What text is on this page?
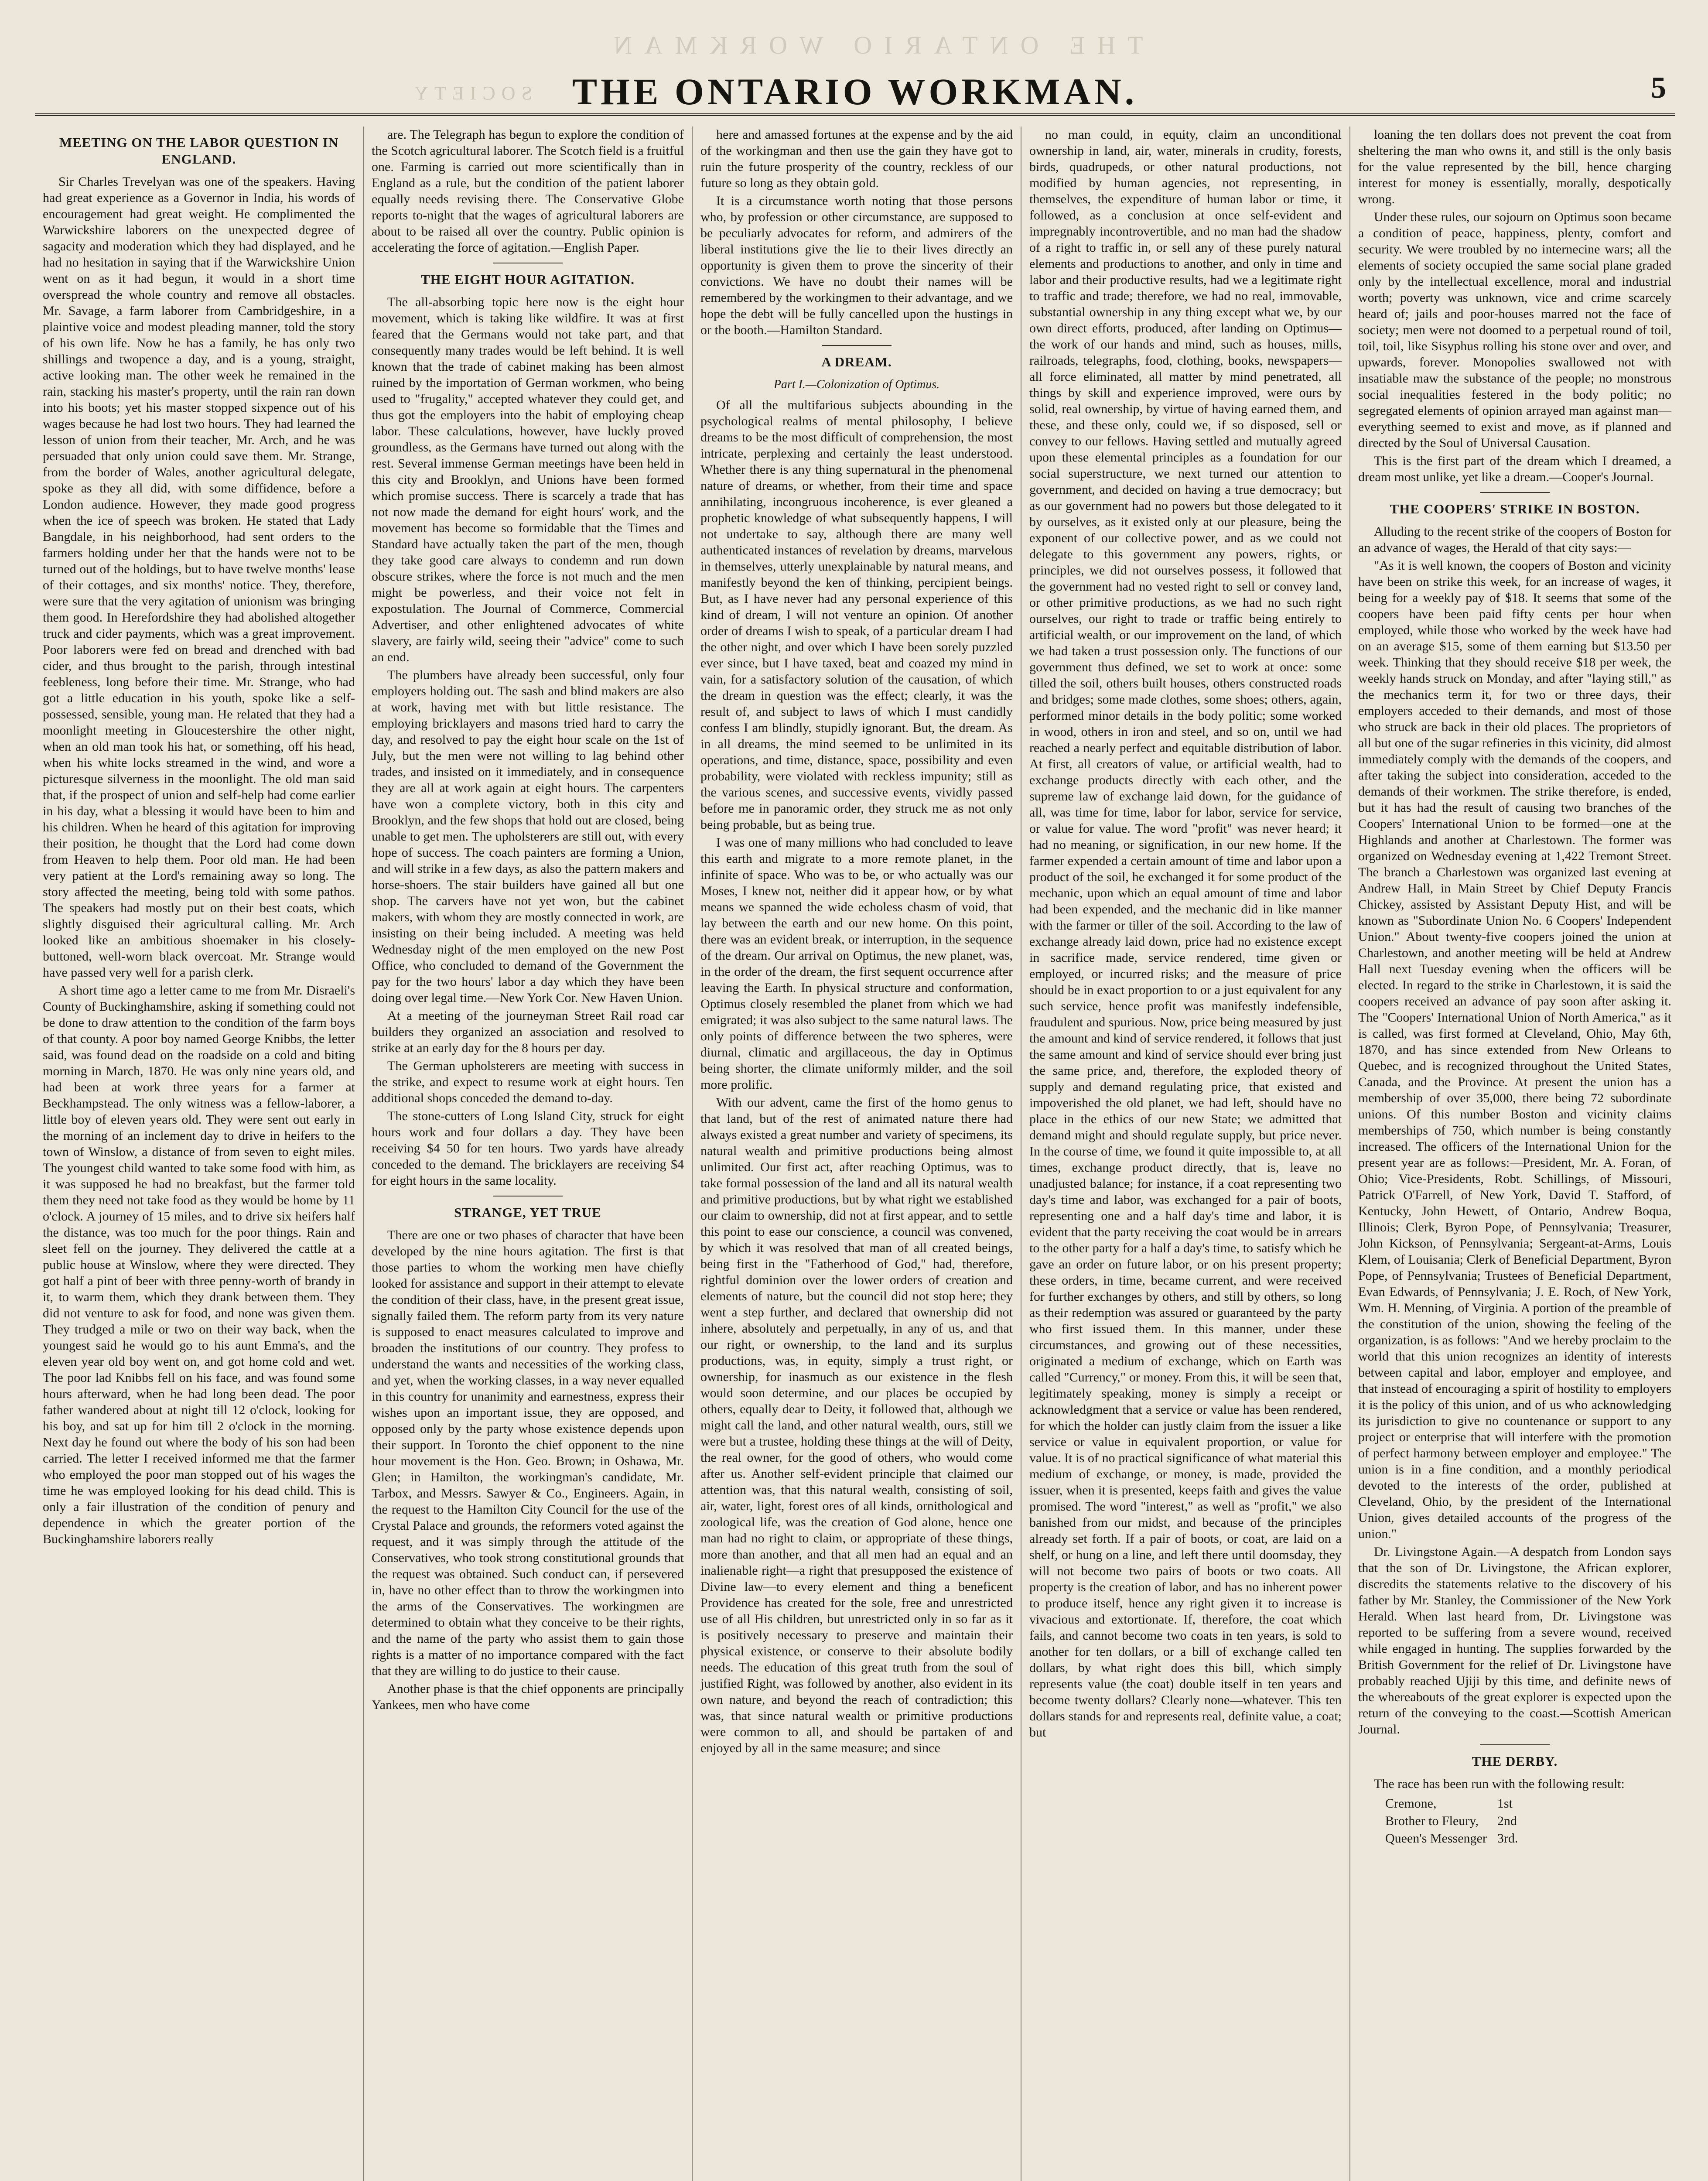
THE ONTARIO WORKMAN
SOCIETY	THE ONTARIO WORKMAN.	5
MEETING ON THE LABOR QUESTION IN ENGLAND.

Sir Charles Trevelyan was one of the speakers. Having had great experience as a Governor in India, his words of encouragement had great weight. He complimented the Warwickshire laborers on the unexpected degree of sagacity and moderation which they had displayed, and he had no hesitation in saying that if the Warwickshire Union went on as it had begun, it would in a short time overspread the whole country and remove all obstacles. Mr. Savage, a farm laborer from Cambridgeshire, in a plaintive voice and modest pleading manner, told the story of his own life. Now he has a family, he has only two shillings and twopence a day, and is a young, straight, active looking man. The other week he remained in the rain, stacking his master's property, until the rain ran down into his boots; yet his master stopped sixpence out of his wages because he had lost two hours. They had learned the lesson of union from their teacher, Mr. Arch, and he was persuaded that only union could save them. Mr. Strange, from the border of Wales, another agricultural delegate, spoke as they all did, with some diffidence, before a London audience. However, they made good progress when the ice of speech was broken. He stated that Lady Bangdale, in his neighborhood, had sent orders to the farmers holding under her that the hands were not to be turned out of the holdings, but to have twelve months' lease of their cottages, and six months' notice. They, therefore, were sure that the very agitation of unionism was bringing them good. In Herefordshire they had abolished altogether truck and cider payments, which was a great improvement. Poor laborers were fed on bread and drenched with bad cider, and thus brought to the parish, through intestinal feebleness, long before their time. Mr. Strange, who had got a little education in his youth, spoke like a self-possessed, sensible, young man. He related that they had a moonlight meeting in Gloucestershire the other night, when an old man took his hat, or something, off his head, when his white locks streamed in the wind, and wore a picturesque silverness in the moonlight. The old man said that, if the prospect of union and self-help had come earlier in his day, what a blessing it would have been to him and his children. When he heard of this agitation for improving their position, he thought that the Lord had come down from Heaven to help them. Poor old man. He had been very patient at the Lord's remaining away so long. The story affected the meeting, being told with some pathos. The speakers had mostly put on their best coats, which slightly disguised their agricultural calling. Mr. Arch looked like an ambitious shoemaker in his closely-buttoned, well-worn black overcoat. Mr. Strange would have passed very well for a parish clerk.

A short time ago a letter came to me from Mr. Disraeli's County of Buckinghamshire, asking if something could not be done to draw attention to the condition of the farm boys of that county. A poor boy named George Knibbs, the letter said, was found dead on the roadside on a cold and biting morning in March, 1870. He was only nine years old, and had been at work three years for a farmer at Beckhampstead. The only witness was a fellow-laborer, a little boy of eleven years old. They were sent out early in the morning of an inclement day to drive in heifers to the town of Winslow, a distance of from seven to eight miles. The youngest child wanted to take some food with him, as it was supposed he had no breakfast, but the farmer told them they need not take food as they would be home by 11 o'clock. A journey of 15 miles, and to drive six heifers half the distance, was too much for the poor things. Rain and sleet fell on the journey. They delivered the cattle at a public house at Winslow, where they were directed. They got half a pint of beer with three penny-worth of brandy in it, to warm them, which they drank between them. They did not venture to ask for food, and none was given them. They trudged a mile or two on their way back, when the youngest said he would go to his aunt Emma's, and the eleven year old boy went on, and got home cold and wet. The poor lad Knibbs fell on his face, and was found some hours afterward, when he had long been dead. The poor father wandered about at night till 12 o'clock, looking for his boy, and sat up for him till 2 o'clock in the morning. Next day he found out where the body of his son had been carried. The letter I received informed me that the farmer who employed the poor man stopped out of his wages the time he was employed looking for his dead child. This is only a fair illustration of the condition of penury and dependence in which the greater portion of the Buckinghamshire laborers really

are. The Telegraph has begun to explore the condition of the Scotch agricultural laborer. The Scotch field is a fruitful one. Farming is carried out more scientifically than in England as a rule, but the condition of the patient laborer equally needs revising there. The Conservative Globe reports to-night that the wages of agricultural laborers are about to be raised all over the country. Public opinion is accelerating the force of agitation.—English Paper.

THE EIGHT HOUR AGITATION.

The all-absorbing topic here now is the eight hour movement, which is taking like wildfire. It was at first feared that the Germans would not take part, and that consequently many trades would be left behind. It is well known that the trade of cabinet making has been almost ruined by the importation of German workmen, who being used to "frugality," accepted whatever they could get, and thus got the employers into the habit of employing cheap labor. These calculations, however, have luckly proved groundless, as the Germans have turned out along with the rest. Several immense German meetings have been held in this city and Brooklyn, and Unions have been formed which promise success. There is scarcely a trade that has not now made the demand for eight hours' work, and the movement has become so formidable that the Times and Standard have actually taken the part of the men, though they take good care always to condemn and run down obscure strikes, where the force is not much and the men might be powerless, and their voice not felt in expostulation. The Journal of Commerce, Commercial Advertiser, and other enlightened advocates of white slavery, are fairly wild, seeing their "advice" come to such an end.

The plumbers have already been successful, only four employers holding out. The sash and blind makers are also at work, having met with but little resistance. The employing bricklayers and masons tried hard to carry the day, and resolved to pay the eight hour scale on the 1st of July, but the men were not willing to lag behind other trades, and insisted on it immediately, and in consequence they are all at work again at eight hours. The carpenters have won a complete victory, both in this city and Brooklyn, and the few shops that hold out are closed, being unable to get men. The upholsterers are still out, with every hope of success. The coach painters are forming a Union, and will strike in a few days, as also the pattern makers and horse-shoers. The stair builders have gained all but one shop. The carvers have not yet won, but the cabinet makers, with whom they are mostly connected in work, are insisting on their being included. A meeting was held Wednesday night of the men employed on the new Post Office, who concluded to demand of the Government the pay for the two hours' labor a day which they have been doing over legal time.—New York Cor. New Haven Union.

At a meeting of the journeyman Street Rail road car builders they organized an association and resolved to strike at an early day for the 8 hours per day.

The German upholsterers are meeting with success in the strike, and expect to resume work at eight hours. Ten additional shops conceded the demand to-day.

The stone-cutters of Long Island City, struck for eight hours work and four dollars a day. They have been receiving $4 50 for ten hours. Two yards have already conceded to the demand. The bricklayers are receiving $4 for eight hours in the same locality.

STRANGE, YET TRUE

There are one or two phases of character that have been developed by the nine hours agitation. The first is that those parties to whom the working men have chiefly looked for assistance and support in their attempt to elevate the condition of their class, have, in the present great issue, signally failed them. The reform party from its very nature is supposed to enact measures calculated to improve and broaden the institutions of our country. They profess to understand the wants and necessities of the working class, and yet, when the working classes, in a way never equalled in this country for unanimity and earnestness, express their wishes upon an important issue, they are opposed, and opposed only by the party whose existence depends upon their support. In Toronto the chief opponent to the nine hour movement is the Hon. Geo. Brown; in Oshawa, Mr. Glen; in Hamilton, the workingman's candidate, Mr. Tarbox, and Messrs. Sawyer & Co., Engineers. Again, in the request to the Hamilton City Council for the use of the Crystal Palace and grounds, the reformers voted against the request, and it was simply through the attitude of the Conservatives, who took strong constitutional grounds that the request was obtained. Such conduct can, if persevered in, have no other effect than to throw the workingmen into the arms of the Conservatives. The workingmen are determined to obtain what they conceive to be their rights, and the name of the party who assist them to gain those rights is a matter of no importance compared with the fact that they are willing to do justice to their cause.

Another phase is that the chief opponents are principally Yankees, men who have come

here and amassed fortunes at the expense and by the aid of the workingman and then use the gain they have got to ruin the future prosperity of the country, reckless of our future so long as they obtain gold.

It is a circumstance worth noting that those persons who, by profession or other circumstance, are supposed to be peculiarly advocates for reform, and admirers of the liberal institutions give the lie to their lives directly an opportunity is given them to prove the sincerity of their convictions. We have no doubt their names will be remembered by the workingmen to their advantage, and we hope the debt will be fully cancelled upon the hustings in or the booth.—Hamilton Standard.

A DREAM.
Part I.—Colonization of Optimus.

Of all the multifarious subjects abounding in the psychological realms of mental philosophy, I believe dreams to be the most difficult of comprehension, the most intricate, perplexing and certainly the least understood. Whether there is any thing supernatural in the phenomenal nature of dreams, or whether, from their time and space annihilating, incongruous incoherence, is ever gleaned a prophetic knowledge of what subsequently happens, I will not undertake to say, although there are many well authenticated instances of revelation by dreams, marvelous in themselves, utterly unexplainable by natural means, and manifestly beyond the ken of thinking, percipient beings. But, as I have never had any personal experience of this kind of dream, I will not venture an opinion. Of another order of dreams I wish to speak, of a particular dream I had the other night, and over which I have been sorely puzzled ever since, but I have taxed, beat and coazed my mind in vain, for a satisfactory solution of the causation, of which the dream in question was the effect; clearly, it was the result of, and subject to laws of which I must candidly confess I am blindly, stupidly ignorant. But, the dream. As in all dreams, the mind seemed to be unlimited in its operations, and time, distance, space, possibility and even probability, were violated with reckless impunity; still as the various scenes, and successive events, vividly passed before me in panoramic order, they struck me as not only being probable, but as being true.

I was one of many millions who had concluded to leave this earth and migrate to a more remote planet, in the infinite of space. Who was to be, or who actually was our Moses, I knew not, neither did it appear how, or by what means we spanned the wide echoless chasm of void, that lay between the earth and our new home. On this point, there was an evident break, or interruption, in the sequence of the dream. Our arrival on Optimus, the new planet, was, in the order of the dream, the first sequent occurrence after leaving the Earth. In physical structure and conformation, Optimus closely resembled the planet from which we had emigrated; it was also subject to the same natural laws. The only points of difference between the two spheres, were diurnal, climatic and argillaceous, the day in Optimus being shorter, the climate uniformly milder, and the soil more prolific.

With our advent, came the first of the homo genus to that land, but of the rest of animated nature there had always existed a great number and variety of specimens, its natural wealth and primitive productions being almost unlimited. Our first act, after reaching Optimus, was to take formal possession of the land and all its natural wealth and primitive productions, but by what right we established our claim to ownership, did not at first appear, and to settle this point to ease our conscience, a council was convened, by which it was resolved that man of all created beings, being first in the "Fatherhood of God," had, therefore, rightful dominion over the lower orders of creation and elements of nature, but the council did not stop here; they went a step further, and declared that ownership did not inhere, absolutely and perpetually, in any of us, and that our right, or ownership, to the land and its surplus productions, was, in equity, simply a trust right, or ownership, for inasmuch as our existence in the flesh would soon determine, and our places be occupied by others, equally dear to Deity, it followed that, although we might call the land, and other natural wealth, ours, still we were but a trustee, holding these things at the will of Deity, the real owner, for the good of others, who would come after us. Another self-evident principle that claimed our attention was, that this natural wealth, consisting of soil, air, water, light, forest ores of all kinds, ornithological and zoological life, was the creation of God alone, hence one man had no right to claim, or appropriate of these things, more than another, and that all men had an equal and an inalienable right—a right that presupposed the existence of Divine law—to every element and thing a beneficent Providence has created for the sole, free and unrestricted use of all His children, but unrestricted only in so far as it is positively necessary to preserve and maintain their physical existence, or conserve to their absolute bodily needs. The education of this great truth from the soul of justified Right, was followed by another, also evident in its own nature, and beyond the reach of contradiction; this was, that since natural wealth or primitive productions were common to all, and should be partaken of and enjoyed by all in the same measure; and since

no man could, in equity, claim an unconditional ownership in land, air, water, minerals in crudity, forests, birds, quadrupeds, or other natural productions, not modified by human agencies, not representing, in themselves, the expenditure of human labor or time, it followed, as a conclusion at once self-evident and impregnably incontrovertible, and no man had the shadow of a right to traffic in, or sell any of these purely natural elements and productions to another, and only in time and labor and their productive results, had we a legitimate right to traffic and trade; therefore, we had no real, immovable, substantial ownership in any thing except what we, by our own direct efforts, produced, after landing on Optimus—the work of our hands and mind, such as houses, mills, railroads, telegraphs, food, clothing, books, newspapers—all force eliminated, all matter by mind penetrated, all things by skill and experience improved, were ours by solid, real ownership, by virtue of having earned them, and these, and these only, could we, if so disposed, sell or convey to our fellows. Having settled and mutually agreed upon these elemental principles as a foundation for our social superstructure, we next turned our attention to government, and decided on having a true democracy; but as our government had no powers but those delegated to it by ourselves, as it existed only at our pleasure, being the exponent of our collective power, and as we could not delegate to this government any powers, rights, or principles, we did not ourselves possess, it followed that the government had no vested right to sell or convey land, or other primitive productions, as we had no such right ourselves, our right to trade or traffic being entirely to artificial wealth, or our improvement on the land, of which we had taken a trust possession only. The functions of our government thus defined, we set to work at once: some tilled the soil, others built houses, others constructed roads and bridges; some made clothes, some shoes; others, again, performed minor details in the body politic; some worked in wood, others in iron and steel, and so on, until we had reached a nearly perfect and equitable distribution of labor. At first, all creators of value, or artificial wealth, had to exchange products directly with each other, and the supreme law of exchange laid down, for the guidance of all, was time for time, labor for labor, service for service, or value for value. The word "profit" was never heard; it had no meaning, or signification, in our new home. If the farmer expended a certain amount of time and labor upon a product of the soil, he exchanged it for some product of the mechanic, upon which an equal amount of time and labor had been expended, and the mechanic did in like manner with the farmer or tiller of the soil. According to the law of exchange already laid down, price had no existence except in sacrifice made, service rendered, time given or employed, or incurred risks; and the measure of price should be in exact proportion to or a just equivalent for any such service, hence profit was manifestly indefensible, fraudulent and spurious. Now, price being measured by just the amount and kind of service rendered, it follows that just the same amount and kind of service should ever bring just the same price, and, therefore, the exploded theory of supply and demand regulating price, that existed and impoverished the old planet, we had left, should have no place in the ethics of our new State; we admitted that demand might and should regulate supply, but price never. In the course of time, we found it quite impossible to, at all times, exchange product directly, that is, leave no unadjusted balance; for instance, if a coat representing two day's time and labor, was exchanged for a pair of boots, representing one and a half day's time and labor, it is evident that the party receiving the coat would be in arrears to the other party for a half a day's time, to satisfy which he gave an order on future labor, or on his present property; these orders, in time, became current, and were received for further exchanges by others, and still by others, so long as their redemption was assured or guaranteed by the party who first issued them. In this manner, under these circumstances, and growing out of these necessities, originated a medium of exchange, which on Earth was called "Currency," or money. From this, it will be seen that, legitimately speaking, money is simply a receipt or acknowledgment that a service or value has been rendered, for which the holder can justly claim from the issuer a like service or value in equivalent proportion, or value for value. It is of no practical significance of what material this medium of exchange, or money, is made, provided the issuer, when it is presented, keeps faith and gives the value promised. The word "interest," as well as "profit," we also banished from our midst, and because of the principles already set forth. If a pair of boots, or coat, are laid on a shelf, or hung on a line, and left there until doomsday, they will not become two pairs of boots or two coats. All property is the creation of labor, and has no inherent power to produce itself, hence any right given it to increase is vivacious and extortionate. If, therefore, the coat which fails, and cannot become two coats in ten years, is sold to another for ten dollars, or a bill of exchange called ten dollars, by what right does this bill, which simply represents value (the coat) double itself in ten years and become twenty dollars? Clearly none—whatever. This ten dollars stands for and represents real, definite value, a coat; but

loaning the ten dollars does not prevent the coat from sheltering the man who owns it, and still is the only basis for the value represented by the bill, hence charging interest for money is essentially, morally, despotically wrong.

Under these rules, our sojourn on Optimus soon became a condition of peace, happiness, plenty, comfort and security. We were troubled by no internecine wars; all the elements of society occupied the same social plane graded only by the intellectual excellence, moral and industrial worth; poverty was unknown, vice and crime scarcely heard of; jails and poor-houses marred not the face of society; men were not doomed to a perpetual round of toil, toil, toil, like Sisyphus rolling his stone over and over, and upwards, forever. Monopolies swallowed not with insatiable maw the substance of the people; no monstrous social inequalities festered in the body politic; no segregated elements of opinion arrayed man against man—everything seemed to exist and move, as if planned and directed by the Soul of Universal Causation.

This is the first part of the dream which I dreamed, a dream most unlike, yet like a dream.—Cooper's Journal.

THE COOPERS' STRIKE IN BOSTON.

Alluding to the recent strike of the coopers of Boston for an advance of wages, the Herald of that city says:—

"As it is well known, the coopers of Boston and vicinity have been on strike this week, for an increase of wages, it being for a weekly pay of $18. It seems that some of the coopers have been paid fifty cents per hour when employed, while those who worked by the week have had on an average $15, some of them earning but $13.50 per week. Thinking that they should receive $18 per week, the weekly hands struck on Monday, and after "laying still," as the mechanics term it, for two or three days, their employers acceded to their demands, and most of those who struck are back in their old places. The proprietors of all but one of the sugar refineries in this vicinity, did almost immediately comply with the demands of the coopers, and after taking the subject into consideration, acceded to the demands of their workmen. The strike therefore, is ended, but it has had the result of causing two branches of the Coopers' International Union to be formed—one at the Highlands and another at Charlestown. The former was organized on Wednesday evening at 1,422 Tremont Street. The branch a Charlestown was organized last evening at Andrew Hall, in Main Street by Chief Deputy Francis Chickey, assisted by Assistant Deputy Hist, and will be known as "Subordinate Union No. 6 Coopers' Independent Union." About twenty-five coopers joined the union at Charlestown, and another meeting will be held at Andrew Hall next Tuesday evening when the officers will be elected. In regard to the strike in Charlestown, it is said the coopers received an advance of pay soon after asking it. The "Coopers' International Union of North America," as it is called, was first formed at Cleveland, Ohio, May 6th, 1870, and has since extended from New Orleans to Quebec, and is recognized throughout the United States, Canada, and the Province. At present the union has a membership of over 35,000, there being 72 subordinate unions. Of this number Boston and vicinity claims memberships of 750, which number is being constantly increased. The officers of the International Union for the present year are as follows:—President, Mr. A. Foran, of Ohio; Vice-Presidents, Robt. Schillings, of Missouri, Patrick O'Farrell, of New York, David T. Stafford, of Kentucky, John Hewett, of Ontario, Andrew Boqua, Illinois; Clerk, Byron Pope, of Pennsylvania; Treasurer, John Kickson, of Pennsylvania; Sergeant-at-Arms, Louis Klem, of Louisania; Clerk of Beneficial Department, Byron Pope, of Pennsylvania; Trustees of Beneficial Department, Evan Edwards, of Pennsylvania; J. E. Roch, of New York, Wm. H. Menning, of Virginia. A portion of the preamble of the constitution of the union, showing the feeling of the organization, is as follows: "And we hereby proclaim to the world that this union recognizes an identity of interests between capital and labor, employer and employee, and that instead of encouraging a spirit of hostility to employers it is the policy of this union, and of us who acknowledging its jurisdiction to give no countenance or support to any project or enterprise that will interfere with the promotion of perfect harmony between employer and employee." The union is in a fine condition, and a monthly periodical devoted to the interests of the order, published at Cleveland, Ohio, by the president of the International Union, gives detailed accounts of the progress of the union."

Dr. Livingstone Again.—A despatch from London says that the son of Dr. Livingstone, the African explorer, discredits the statements relative to the discovery of his father by Mr. Stanley, the Commissioner of the New York Herald. When last heard from, Dr. Livingstone was reported to be suffering from a severe wound, received while engaged in hunting. The supplies forwarded by the British Government for the relief of Dr. Livingstone have probably reached Ujiji by this time, and definite news of the whereabouts of the great explorer is expected upon the return of the conveying to the coast.—Scottish American Journal.

THE DERBY.

The race has been run with the following result:

Cremone,	1st
Brother to Fleury,	2nd
Queen's Messenger	3rd.
